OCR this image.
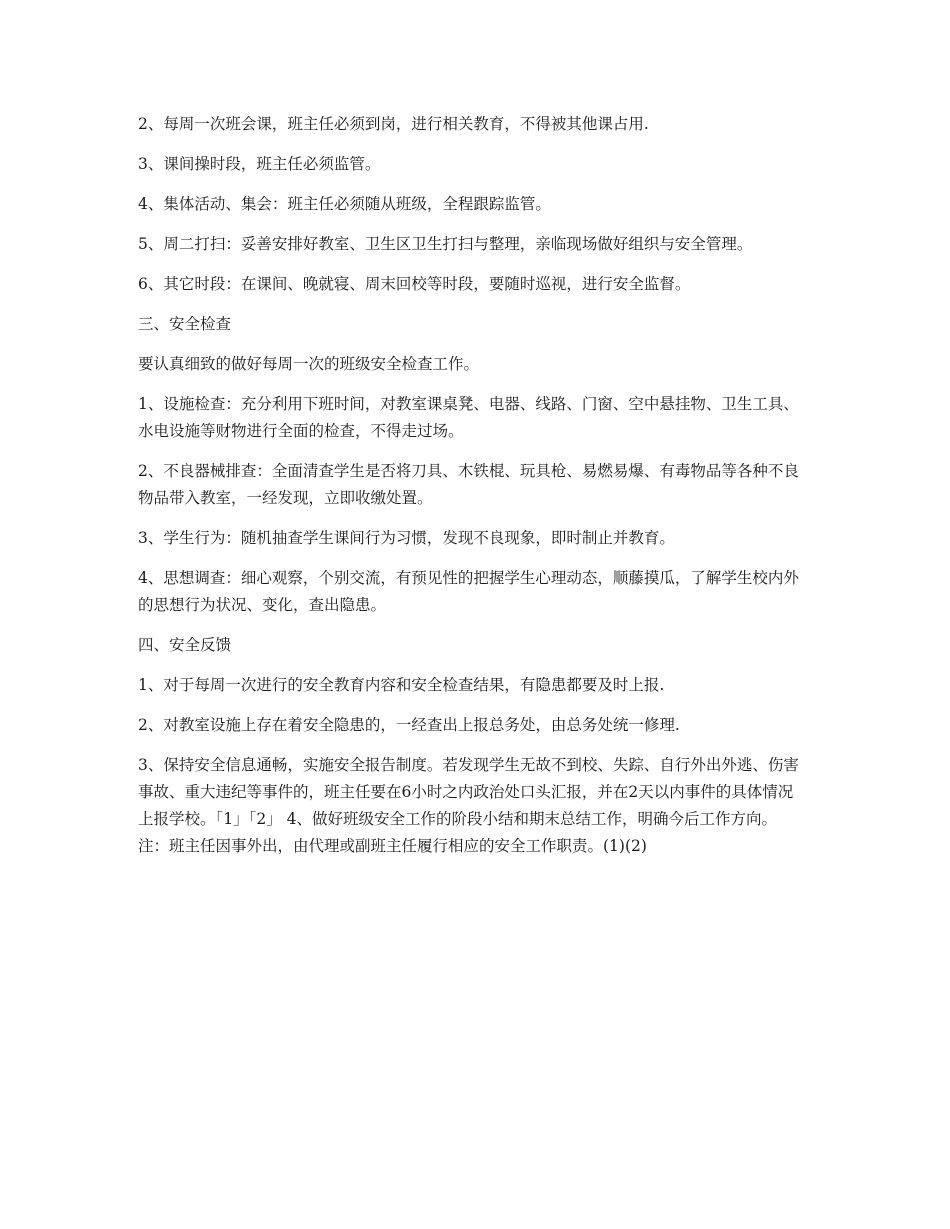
2、每周一次班会课，班主任必须到岗，进行相关教育，不得被其他课占用.

3、课间操时段，班主任必须监管。

4、集体活动、集会：班主任必须随从班级，全程跟踪监管。

5、周二打扫：妥善安排好教室、卫生区卫生打扫与整理，亲临现场做好组织与安全管理。

6、其它时段：在课间、晚就寝、周末回校等时段，要随时巡视，进行安全监督。

三、安全检查

要认真细致的做好每周一次的班级安全检查工作。

1、设施检查：充分利用下班时间，对教室课桌凳、电器、线路、门窗、空中悬挂物、卫生工具、水电设施等财物进行全面的检查，不得走过场。

2、不良器械排查：全面清查学生是否将刀具、木铁棍、玩具枪、易燃易爆、有毒物品等各种不良物品带入教室，一经发现，立即收缴处置。

3、学生行为：随机抽查学生课间行为习惯，发现不良现象，即时制止并教育。

4、思想调查：细心观察，个别交流，有预见性的把握学生心理动态，顺藤摸瓜，了解学生校内外的思想行为状况、变化，查出隐患。

四、安全反馈

1、对于每周一次进行的安全教育内容和安全检查结果，有隐患都要及时上报.

2、对教室设施上存在着安全隐患的，一经查出上报总务处，由总务处统一修理.

3、保持安全信息通畅，实施安全报告制度。若发现学生无故不到校、失踪、自行外出外逃、伤害事故、重大违纪等事件的，班主任要在6小时之内政治处口头汇报，并在2天以内事件的具体情况上报学校。「1」「2」 4、做好班级安全工作的阶段小结和期末总结工作，明确今后工作方向。 注：班主任因事外出，由代理或副班主任履行相应的安全工作职责。(1)(2)
